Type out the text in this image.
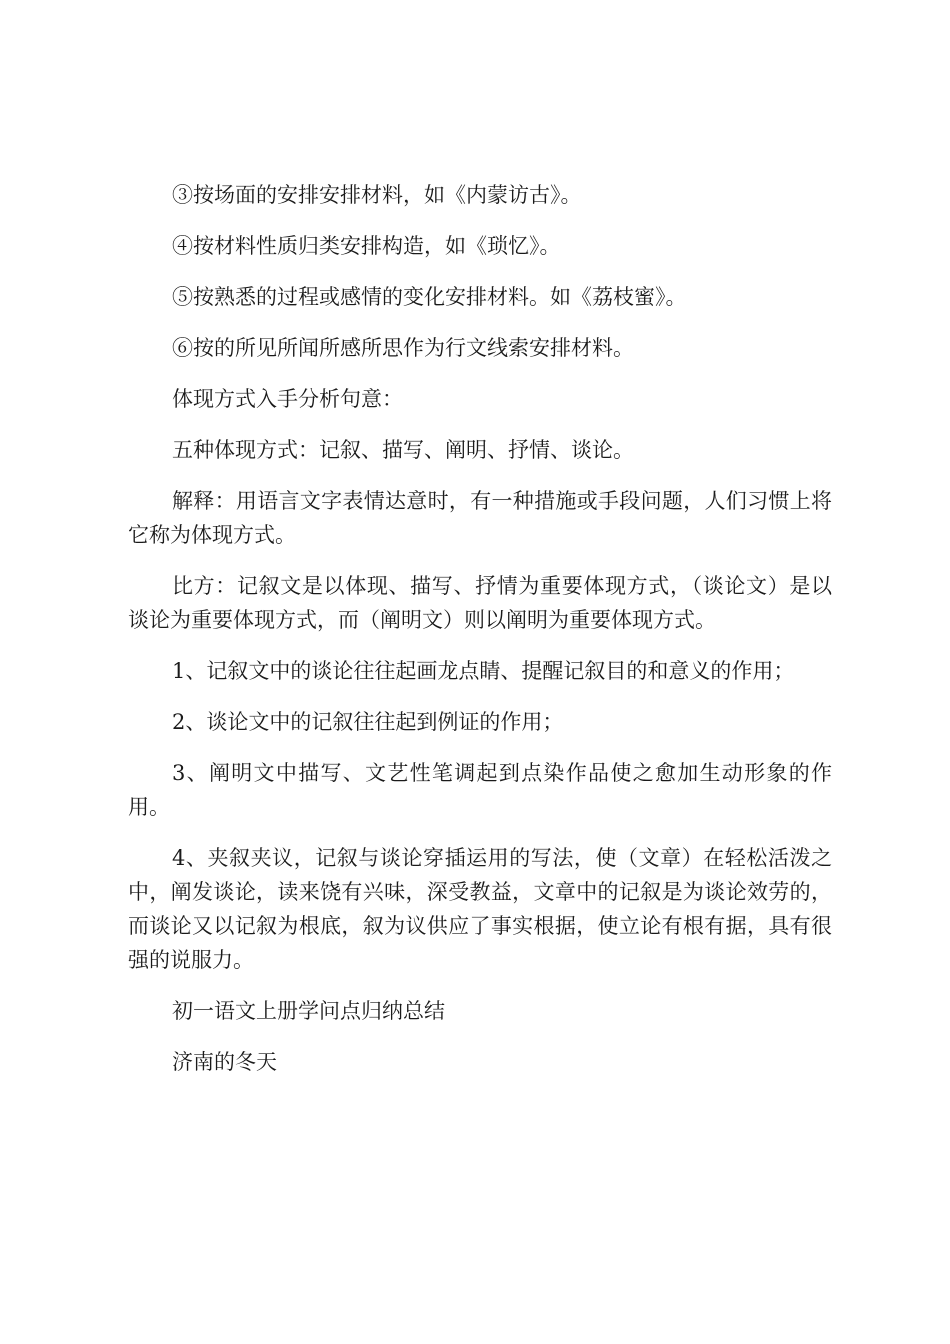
③按场面的安排安排材料，如《内蒙访古》。

④按材料性质归类安排构造，如《琐忆》。

⑤按熟悉的过程或感情的变化安排材料。如《荔枝蜜》。

⑥按的所见所闻所感所思作为行文线索安排材料。

体现方式入手分析句意：

五种体现方式：记叙、描写、阐明、抒情、谈论。

解释：用语言文字表情达意时，有一种措施或手段问题，人们习惯上将它称为体现方式。

比方：记叙文是以体现、描写、抒情为重要体现方式，（谈论文）是以谈论为重要体现方式，而（阐明文）则以阐明为重要体现方式。

1、记叙文中的谈论往往起画龙点睛、提醒记叙目的和意义的作用；

2、谈论文中的记叙往往起到例证的作用；

3、阐明文中描写、文艺性笔调起到点染作品使之愈加生动形象的作用。

4、夹叙夹议，记叙与谈论穿插运用的写法，使（文章）在轻松活泼之中，阐发谈论，读来饶有兴味，深受教益，文章中的记叙是为谈论效劳的，而谈论又以记叙为根底，叙为议供应了事实根据，使立论有根有据，具有很强的说服力。

初一语文上册学问点归纳总结

济南的冬天
